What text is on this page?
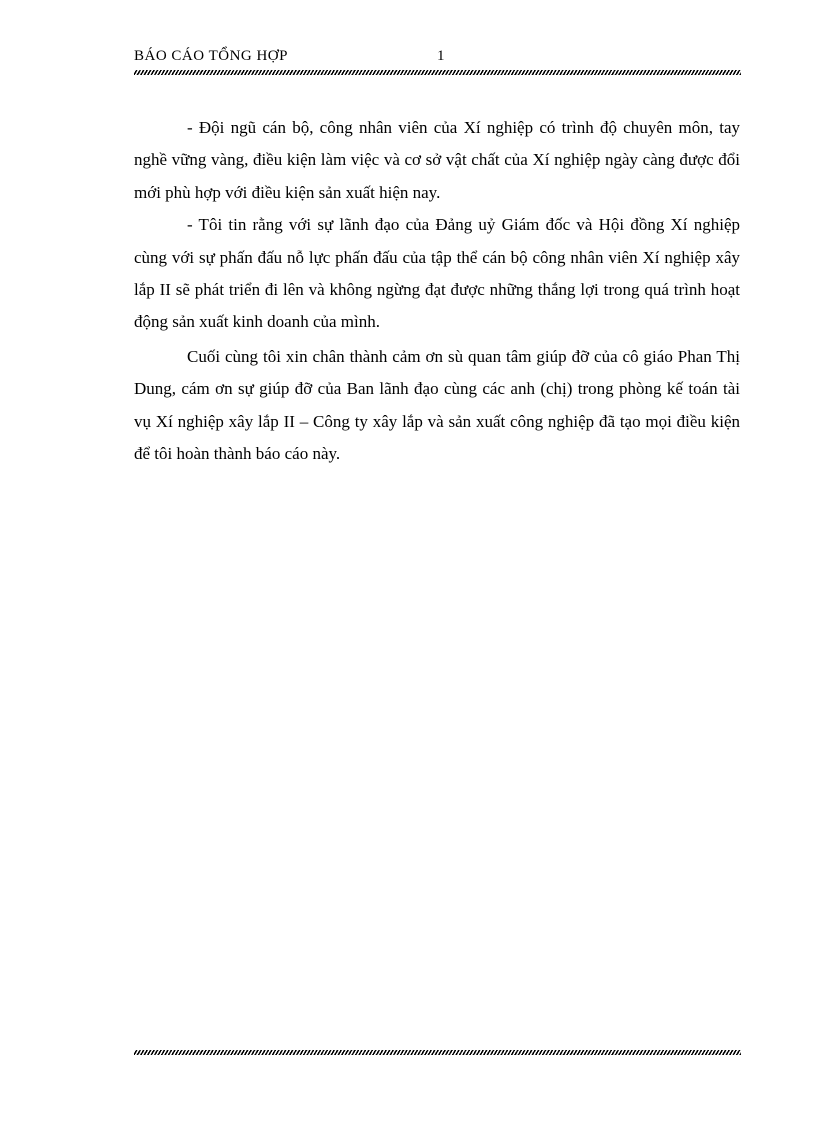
BÁO CÁO TỔNG HỢP	1

- Đội ngũ cán bộ, công nhân viên của Xí nghiệp có trình độ chuyên môn, tay nghề vững vàng, điều kiện làm việc và cơ sở vật chất của Xí nghiệp ngày càng được đổi mới phù hợp với điều kiện sản xuất hiện nay.

- Tôi tin rằng với sự lãnh đạo của Đảng uỷ Giám đốc và Hội đồng Xí nghiệp cùng với sự phấn đấu nỗ lực phấn đấu của tập thể cán bộ công nhân viên Xí nghiệp xây lắp II sẽ phát triển đi lên và không ngừng đạt được những thắng lợi trong quá trình hoạt động sản xuất kinh doanh của mình.

Cuối cùng tôi xin chân thành cảm ơn sù quan tâm giúp đỡ của cô giáo Phan Thị Dung, cám ơn sự giúp đỡ của Ban lãnh đạo cùng các anh (chị) trong phòng kế toán tài vụ Xí nghiệp xây lắp II – Công ty xây lắp và sản xuất công nghiệp đã tạo mọi điều kiện để tôi hoàn thành báo cáo này.
